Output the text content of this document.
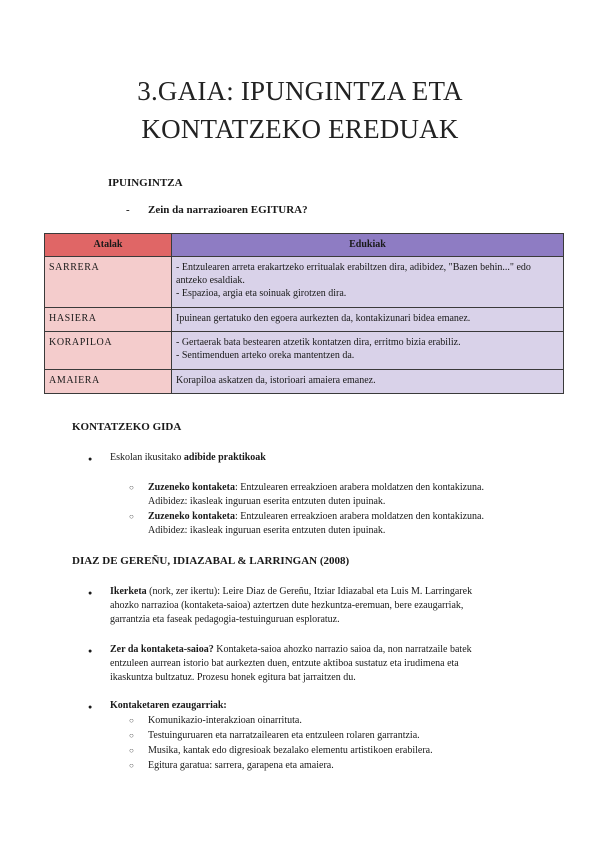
3.GAIA: IPUNGINTZA ETA
KONTATZEKO EREDUAK
IPUINGINTZA
- Zein da narrazioaren EGITURA?
Atalak	Edukiak
SARRERA	- Entzulearen arreta erakartzeko erritualak erabiltzen dira, adibidez, "Bazen behin..." edo antzeko esaldiak.
- Espazioa, argia eta soinuak girotzen dira.

HASIERA	Ipuinean gertatuko den egoera aurkezten da, kontakizunari bidea emanez.

KORAPILOA	- Gertaerak bata bestearen atzetik kontatzen dira, erritmo bizia erabiliz.
- Sentimenduen arteko oreka mantentzen da.

AMAIERA	Korapiloa askatzen da, istorioari amaiera emanez.
KONTATZEKO GIDA
● Eskolan ikusitako adibide praktikoak
○ Zuzeneko kontaketa: Entzulearen erreakzioen arabera moldatzen den kontakizuna.
Adibidez: ikasleak inguruan eserita entzuten duten ipuinak.
○ Zuzeneko kontaketa: Entzulearen erreakzioen arabera moldatzen den kontakizuna.
Adibidez: ikasleak inguruan eserita entzuten duten ipuinak.
DIAZ DE GEREÑU, IDIAZABAL & LARRINGAN (2008)
● Ikerketa (nork, zer ikertu): Leire Diaz de Gereñu, Itziar Idiazabal eta Luis M. Larringarek
ahozko narrazioa (kontaketa-saioa) aztertzen dute hezkuntza-eremuan, bere ezaugarriak,
garrantzia eta faseak pedagogia-testuinguruan esploratuz.
● Zer da kontaketa-saioa? Kontaketa-saioa ahozko narrazio saioa da, non narratzaile batek
entzuleen aurrean istorio bat aurkezten duen, entzute aktiboa sustatuz eta irudimena eta
ikaskuntza bultzatuz. Prozesu honek egitura bat jarraitzen du.
● Kontaketaren ezaugarriak:
○ Komunikazio-interakzioan oinarrituta.
○ Testuinguruaren eta narratzailearen eta entzuleen rolaren garrantzia.
○ Musika, kantak edo digresioak bezalako elementu artistikoen erabilera.
○ Egitura garatua: sarrera, garapena eta amaiera.
